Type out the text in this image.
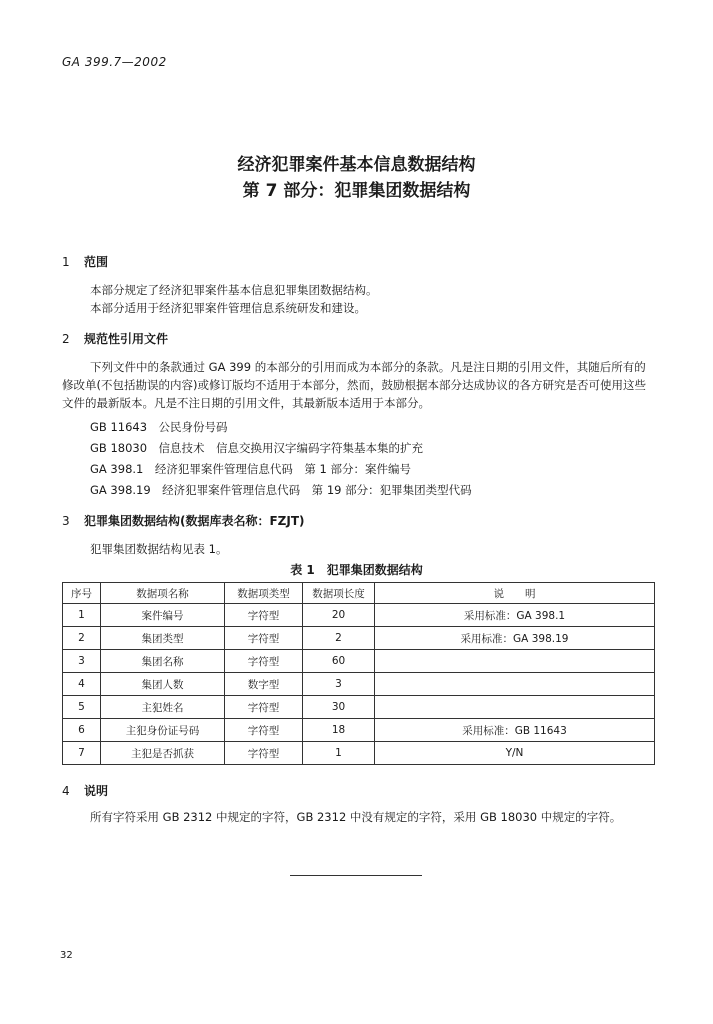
GA 399.7—2002
经济犯罪案件基本信息数据结构
第 7 部分：犯罪集团数据结构
1 范围
本部分规定了经济犯罪案件基本信息犯罪集团数据结构。
本部分适用于经济犯罪案件管理信息系统研发和建设。
2 规范性引用文件
下列文件中的条款通过 GA 399 的本部分的引用而成为本部分的条款。凡是注日期的引用文件，其随后所有的修改单(不包括勘误的内容)或修订版均不适用于本部分，然而，鼓励根据本部分达成协议的各方研究是否可使用这些文件的最新版本。凡是不注日期的引用文件，其最新版本适用于本部分。
GB 11643　公民身份号码
GB 18030　信息技术　信息交换用汉字编码字符集基本集的扩充
GA 398.1　经济犯罪案件管理信息代码　第 1 部分：案件编号
GA 398.19　经济犯罪案件管理信息代码　第 19 部分：犯罪集团类型代码
3 犯罪集团数据结构(数据库表名称：FZJT)
犯罪集团数据结构见表 1。
表 1　犯罪集团数据结构
序号	数据项名称	数据项类型	数据项长度	说　　明
1	案件编号	字符型	20	采用标准：GA 398.1
2	集团类型	字符型	2	采用标准：GA 398.19
3	集团名称	字符型	60	
4	集团人数	数字型	3	
5	主犯姓名	字符型	30	
6	主犯身份证号码	字符型	18	采用标准：GB 11643
7	主犯是否抓获	字符型	1	Y/N
4 说明
所有字符采用 GB 2312 中规定的字符，GB 2312 中没有规定的字符，采用 GB 18030 中规定的字符。
32
